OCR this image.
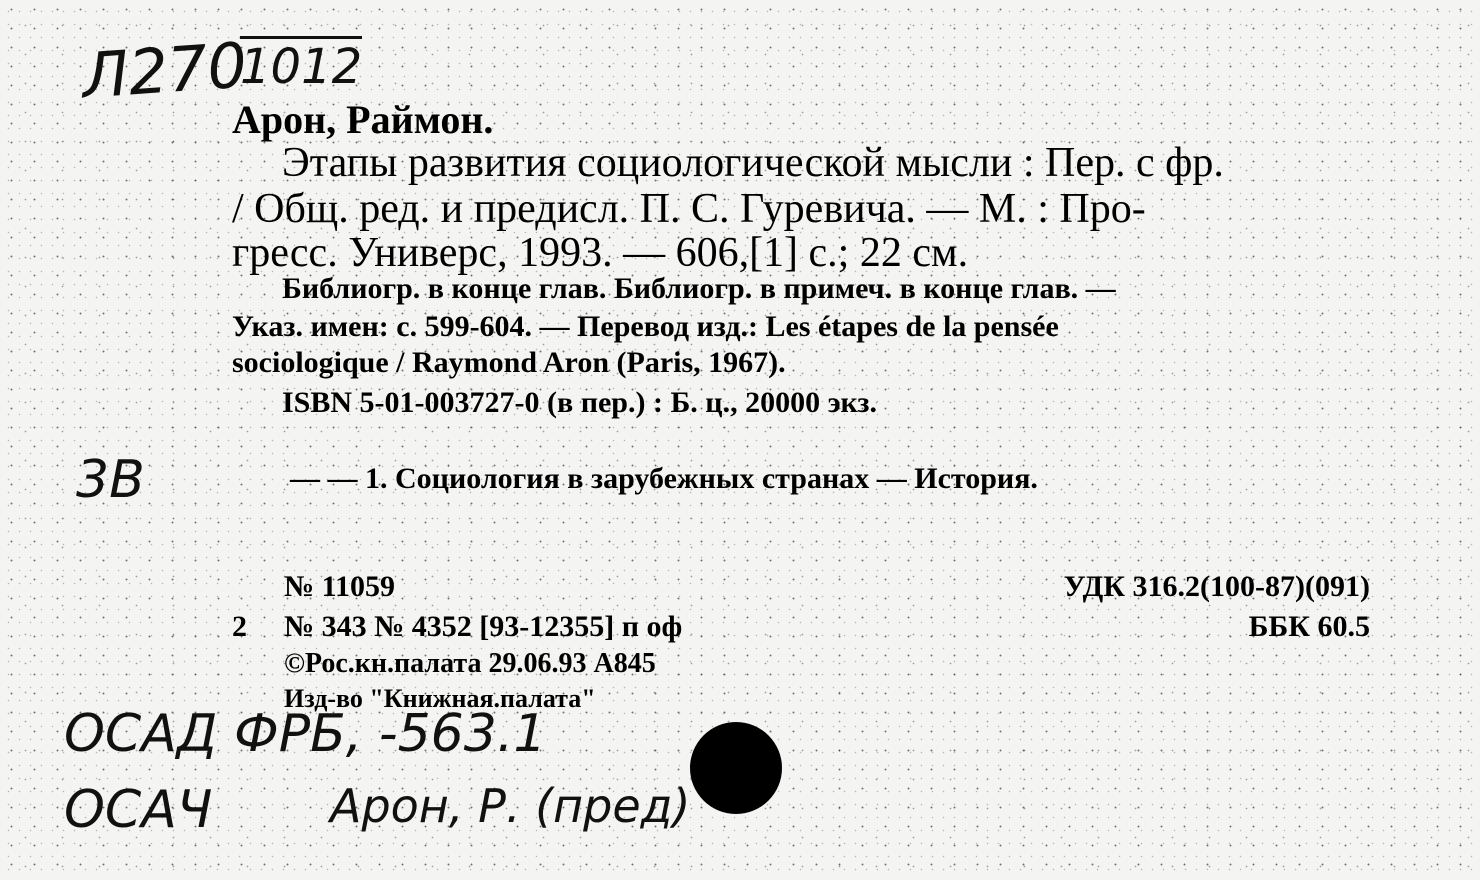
Л270
1012
Арон, Раймон.
Этапы развития социологической мысли : Пер. с фр.
/ Общ. ред. и предисл. П. С. Гуревича. — М. : Про-
гресс. Универс, 1993. — 606,[1] с.; 22 см.
Библиогр. в конце глав. Библиогр. в примеч. в конце глав. —
Указ. имен: с. 599-604. — Перевод изд.: Les étapes de la pensée
sociologique / Raymond Aron (Paris, 1967).
ISBN 5-01-003727-0 (в пер.) : Б. ц., 20000 экз.
3B	— — 1. Социология в зарубежных странах — История.
№ 11059
2 № 343 № 4352 [93-12355] п оф
©Рос.кн.палата 29.06.93 А845
Изд-во "Книжная.палата"
УДК 316.2(100-87)(091)
ББК 60.5
ОСАД ФРБ, -563.1
ОСАЧ	Арон, Р. (пред)
